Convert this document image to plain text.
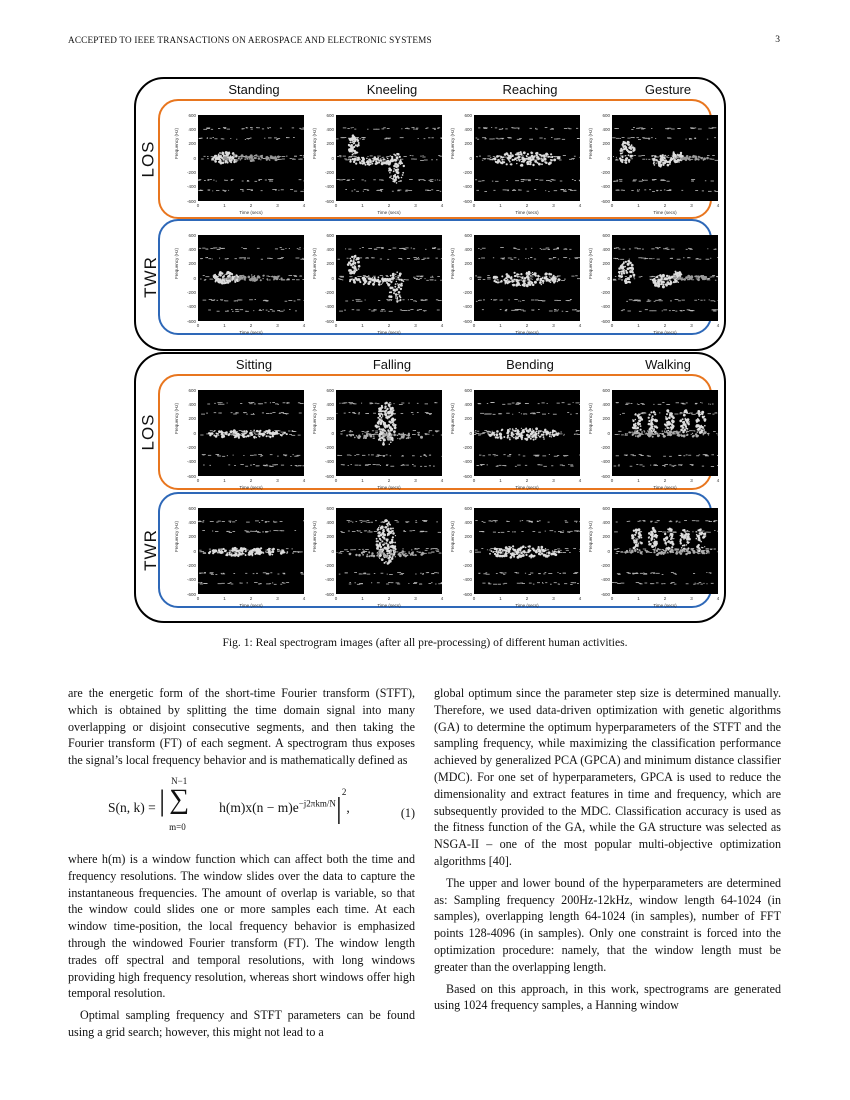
ACCEPTED TO IEEE TRANSACTIONS ON AEROSPACE AND ELECTRONIC SYSTEMS	3
Standing	Kneeling	Reaching	Gesture
LOS
600
400
200
0
-200
-400
-600
Frequency (Hz)
0	1	2	3	4
Time (secs)
600
400
200
0
-200
-400
-600
Frequency (Hz)
0	1	2	3	4
Time (secs)
600
400
200
0
-200
-400
-600
Frequency (Hz)
0	1	2	3	4
Time (secs)
600
400
200
0
-200
-400
-600
Frequency (Hz)
0	1	2	3	4
Time (secs)
TWR
600
400
200
0
-200
-400
-600
Frequency (Hz)
0	1	2	3	4
Time (secs)
600
400
200
0
-200
-400
-600
Frequency (Hz)
0	1	2	3	4
Time (secs)
600
400
200
0
-200
-400
-600
Frequency (Hz)
0	1	2	3	4
Time (secs)
600
400
200
0
-200
-400
-600
Frequency (Hz)
0	1	2	3	4
Time (secs)
Sitting	Falling	Bending	Walking
LOS
600
400
200
0
-200
-400
-600
Frequency (Hz)
0	1	2	3	4
Time (secs)
600
400
200
0
-200
-400
-600
Frequency (Hz)
0	1	2	3	4
Time (secs)
600
400
200
0
-200
-400
-600
Frequency (Hz)
0	1	2	3	4
Time (secs)
600
400
200
0
-200
-400
-600
Frequency (Hz)
0	1	2	3	4
Time (secs)
TWR
600
400
200
0
-200
-400
-600
Frequency (Hz)
0	1	2	3	4
Time (secs)
600
400
200
0
-200
-400
-600
Frequency (Hz)
0	1	2	3	4
Time (secs)
600
400
200
0
-200
-400
-600
Frequency (Hz)
0	1	2	3	4
Time (secs)
600
400
200
0
-200
-400
-600
Frequency (Hz)
0	1	2	3	4
Time (secs)
Fig. 1: Real spectrogram images (after all pre-processing) of different human activities.

are the energetic form of the short-time Fourier transform (STFT), which is obtained by splitting the time domain signal into many overlapping or disjoint consecutive segments, and then taking the Fourier transform (FT) of each segment. A spectrogram thus exposes the signal’s local frequency behavior and is mathematically defined as

S(n, k) = |
N−1
∑
m=0
$h(m)x(n - m)e^{-j2\pi km/N}|^2$,	(1)

where h(m) is a window function which can affect both the time and frequency resolutions. The window slides over the data to capture the instantaneous frequencies. The amount of overlap is variable, so that the window could slides one or more samples each time. At each window time-position, the local frequency behavior is emphasized through the windowed Fourier transform (FT). The window length trades off spectral and temporal resolutions, with long windows providing high frequency resolution, whereas short windows offer high temporal resolution.

Optimal sampling frequency and STFT parameters can be found using a grid search; however, this might not lead to a

global optimum since the parameter step size is determined manually. Therefore, we used data-driven optimization with genetic algorithms (GA) to determine the optimum hyperparameters of the STFT and the sampling frequency, while maximizing the classification performance achieved by generalized PCA (GPCA) and minimum distance classifier (MDC). For one set of hyperparameters, GPCA is used to reduce the dimensionality and extract features in time and frequency, which are subsequently provided to the MDC. Classification accuracy is used as the fitness function of the GA, while the GA structure was selected as NSGA-II – one of the most popular multi-objective optimization algorithms [40].

The upper and lower bound of the hyperparameters are determined as: Sampling frequency 200Hz-12kHz, window length 64-1024 (in samples), overlapping length 64-1024 (in samples), number of FFT points 128-4096 (in samples). Only one constraint is forced into the optimization procedure: namely, that the window length must be greater than the overlapping length.

Based on this approach, in this work, spectrograms are generated using 1024 frequency samples, a Hanning window
